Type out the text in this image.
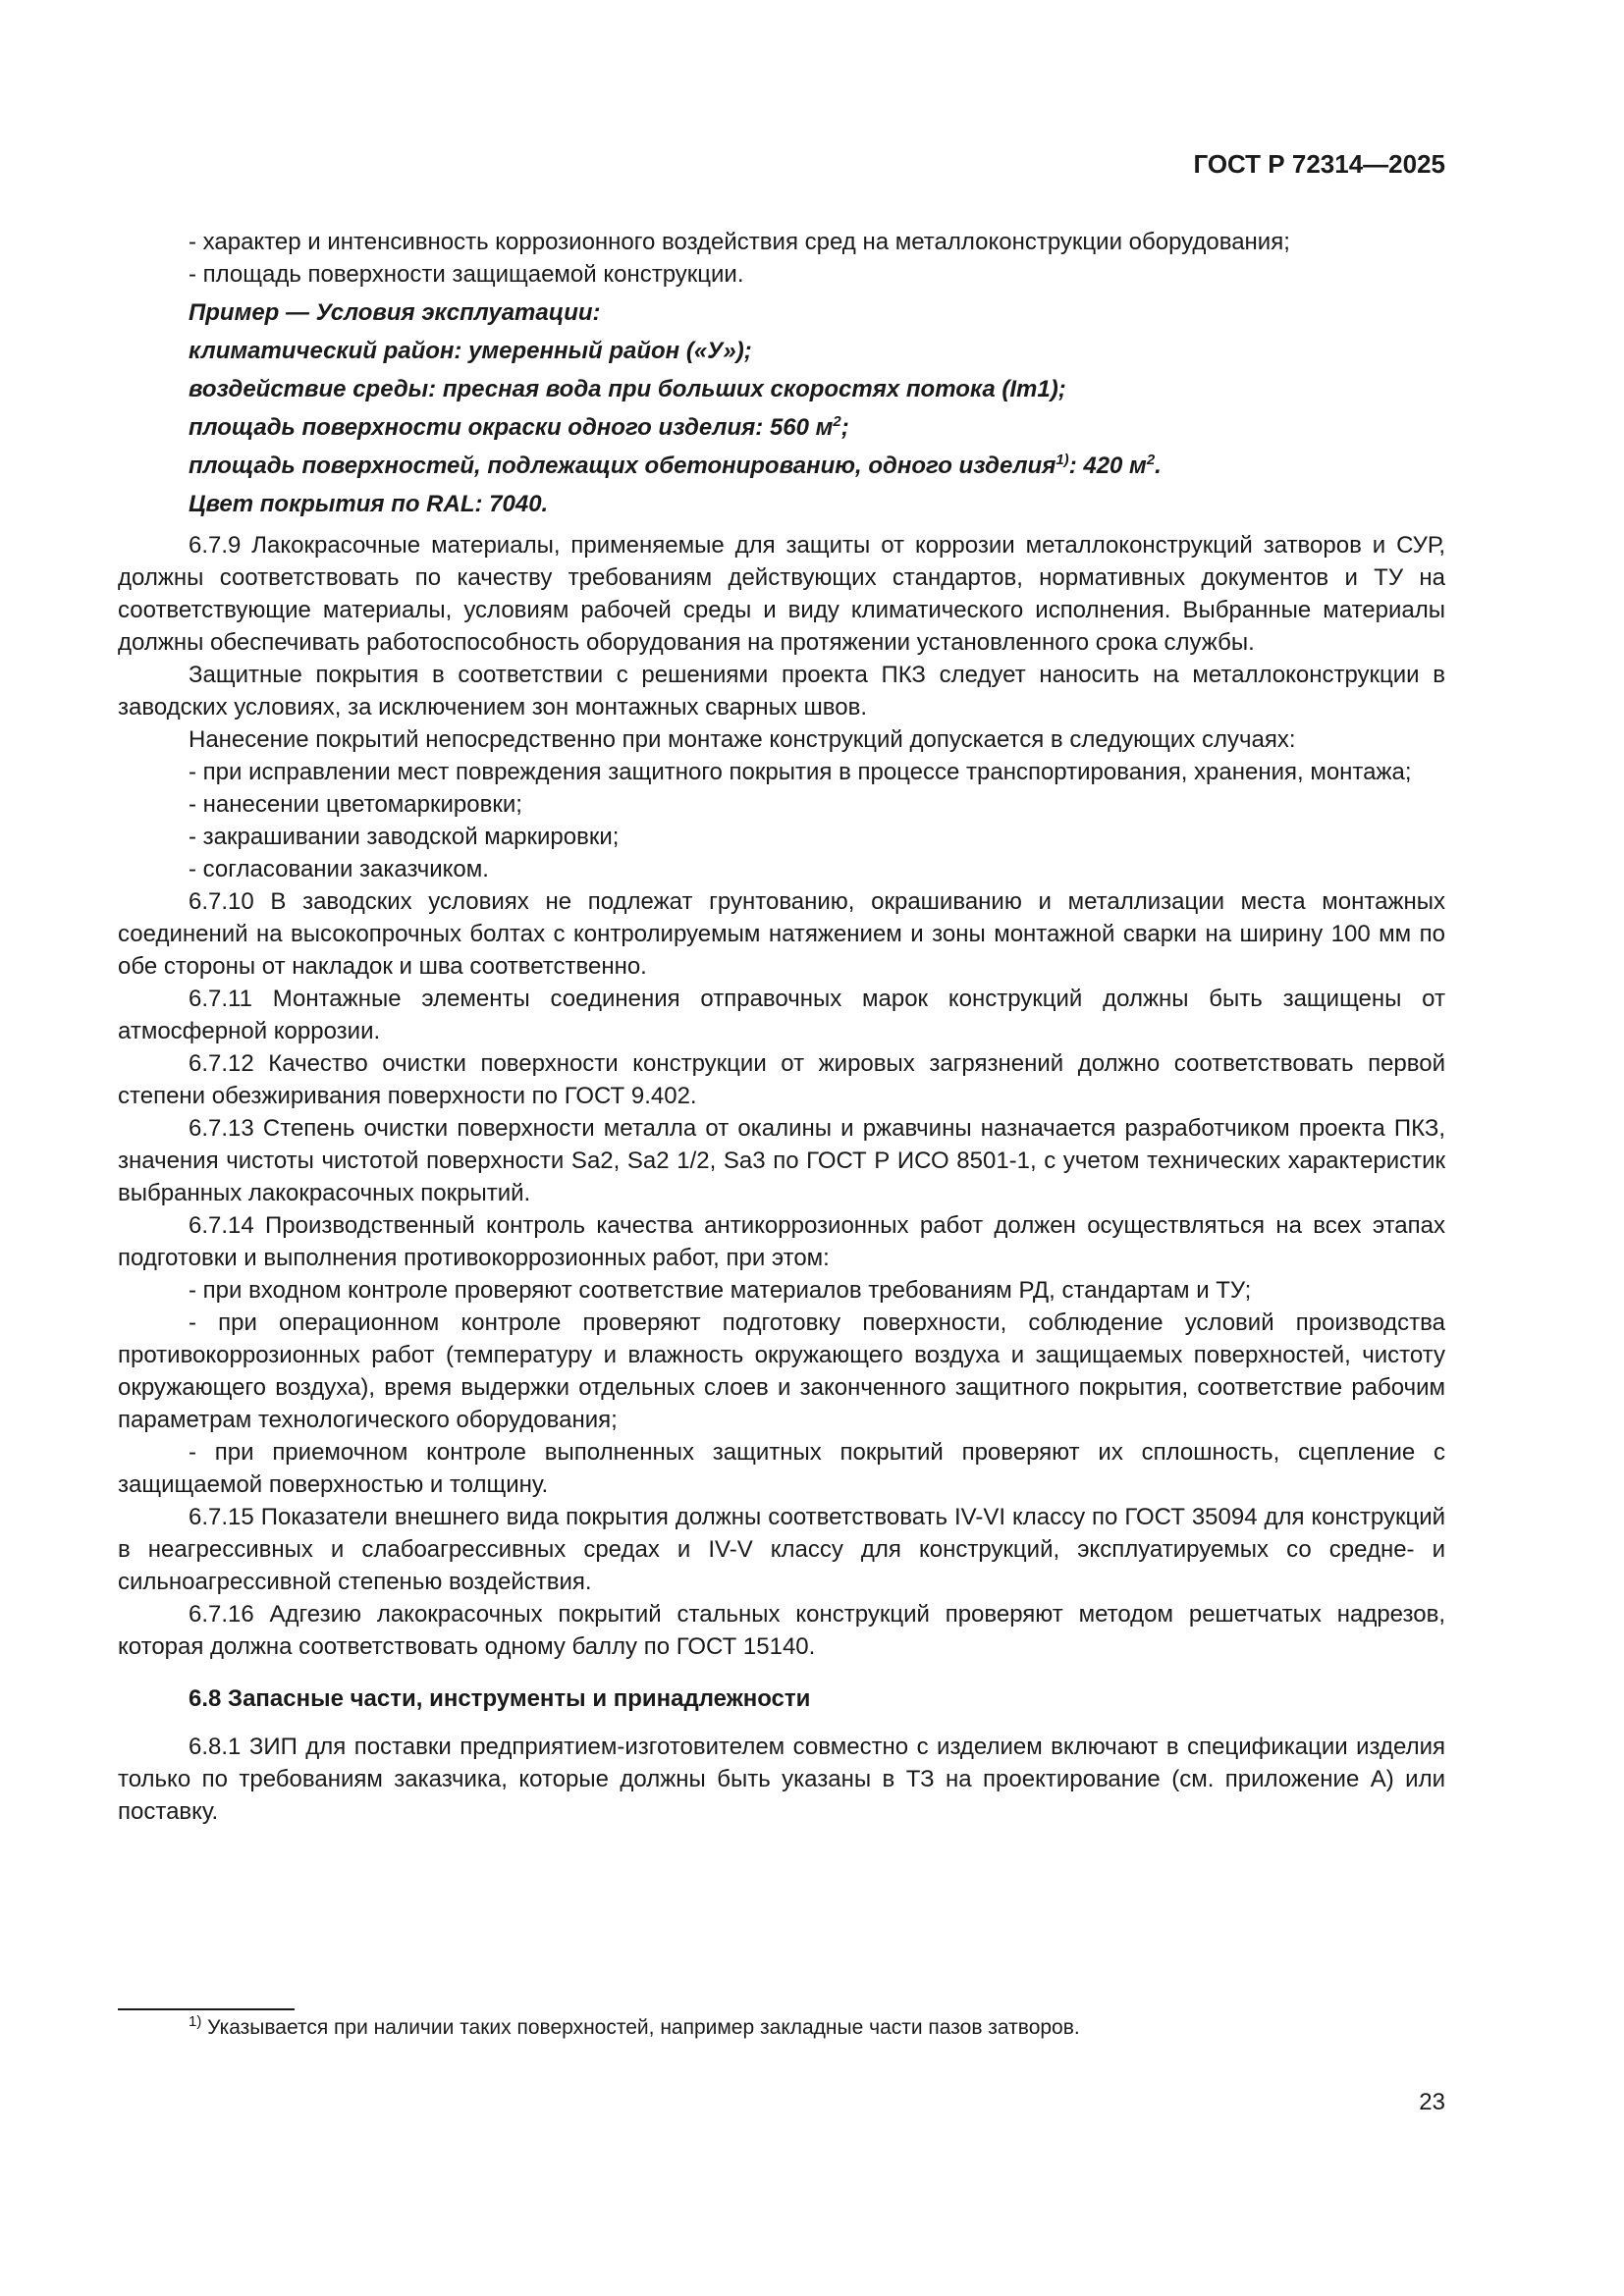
ГОСТ Р 72314—2025

- характер и интенсивность коррозионного воздействия сред на металлоконструкции оборудования;

- площадь поверхности защищаемой конструкции.

Пример — Условия эксплуатации:

климатический район: умеренный район («У»);

воздействие среды: пресная вода при больших скоростях потока (Im1);

площадь поверхности окраски одного изделия: 560 $м^2$;

площадь поверхностей, подлежащих обетонированию, одного изделия$^{1)}$: 420 $м^2$.

Цвет покрытия по RAL: 7040.

6.7.9 Лакокрасочные материалы, применяемые для защиты от коррозии металлоконструкций затворов и СУР, должны соответствовать по качеству требованиям действующих стандартов, нормативных документов и ТУ на соответствующие материалы, условиям рабочей среды и виду климатического исполнения. Выбранные материалы должны обеспечивать работоспособность оборудования на протяжении установленного срока службы.

Защитные покрытия в соответствии с решениями проекта ПКЗ следует наносить на металлоконструкции в заводских условиях, за исключением зон монтажных сварных швов.

Нанесение покрытий непосредственно при монтаже конструкций допускается в следующих случаях:

- при исправлении мест повреждения защитного покрытия в процессе транспортирования, хранения, монтажа;

- нанесении цветомаркировки;

- закрашивании заводской маркировки;

- согласовании заказчиком.

6.7.10 В заводских условиях не подлежат грунтованию, окрашиванию и металлизации места монтажных соединений на высокопрочных болтах с контролируемым натяжением и зоны монтажной сварки на ширину 100 мм по обе стороны от накладок и шва соответственно.

6.7.11 Монтажные элементы соединения отправочных марок конструкций должны быть защищены от атмосферной коррозии.

6.7.12 Качество очистки поверхности конструкции от жировых загрязнений должно соответствовать первой степени обезжиривания поверхности по ГОСТ 9.402.

6.7.13 Степень очистки поверхности металла от окалины и ржавчины назначается разработчиком проекта ПКЗ, значения чистоты чистотой поверхности Sa2, Sa2 1/2, Sa3 по ГОСТ Р ИСО 8501-1, с учетом технических характеристик выбранных лакокрасочных покрытий.

6.7.14 Производственный контроль качества антикоррозионных работ должен осуществляться на всех этапах подготовки и выполнения противокоррозионных работ, при этом:

- при входном контроле проверяют соответствие материалов требованиям РД, стандартам и ТУ;

- при операционном контроле проверяют подготовку поверхности, соблюдение условий производства противокоррозионных работ (температуру и влажность окружающего воздуха и защищаемых поверхностей, чистоту окружающего воздуха), время выдержки отдельных слоев и законченного защитного покрытия, соответствие рабочим параметрам технологического оборудования;

- при приемочном контроле выполненных защитных покрытий проверяют их сплошность, сцепление с защищаемой поверхностью и толщину.

6.7.15 Показатели внешнего вида покрытия должны соответствовать IV-VI классу по ГОСТ 35094 для конструкций в неагрессивных и слабоагрессивных средах и IV-V классу для конструкций, эксплуатируемых со средне- и сильноагрессивной степенью воздействия.

6.7.16 Адгезию лакокрасочных покрытий стальных конструкций проверяют методом решетчатых надрезов, которая должна соответствовать одному баллу по ГОСТ 15140.

6.8 Запасные части, инструменты и принадлежности

6.8.1 ЗИП для поставки предприятием-изготовителем совместно с изделием включают в спецификации изделия только по требованиям заказчика, которые должны быть указаны в ТЗ на проектирование (см. приложение А) или поставку.

$^{1)}$ Указывается при наличии таких поверхностей, например закладные части пазов затворов.
23
